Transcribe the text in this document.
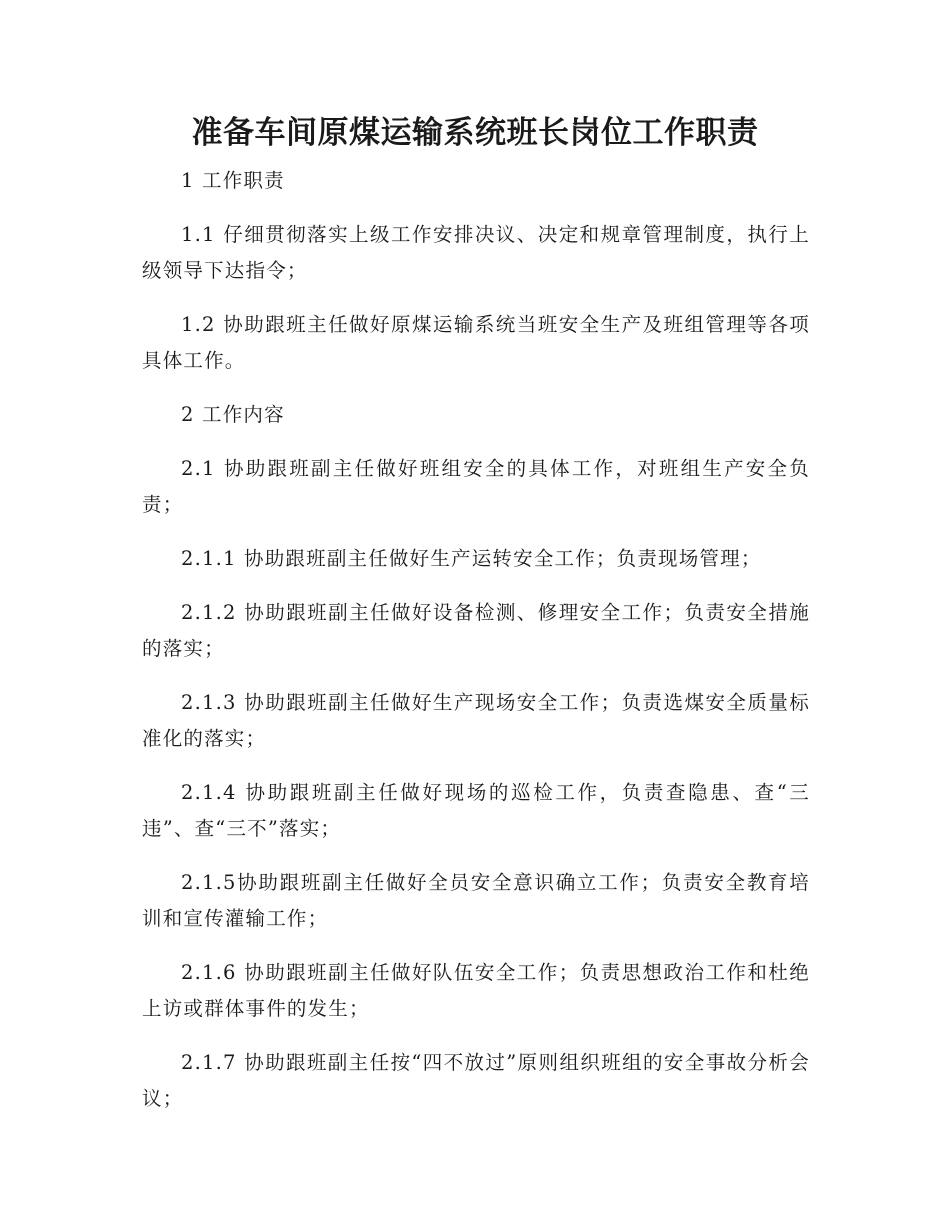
准备车间原煤运输系统班长岗位工作职责

1 工作职责

1.1 仔细贯彻落实上级工作安排决议、决定和规章管理制度，执行上级领导下达指令；

1.2 协助跟班主任做好原煤运输系统当班安全生产及班组管理等各项具体工作。

2 工作内容

2.1 协助跟班副主任做好班组安全的具体工作，对班组生产安全负责；

2.1.1 协助跟班副主任做好生产运转安全工作；负责现场管理；

2.1.2 协助跟班副主任做好设备检测、修理安全工作；负责安全措施的落实；

2.1.3 协助跟班副主任做好生产现场安全工作；负责选煤安全质量标准化的落实；

2.1.4 协助跟班副主任做好现场的巡检工作，负责查隐患、查“三违”、查“三不”落实；

2.1.5协助跟班副主任做好全员安全意识确立工作；负责安全教育培训和宣传灌输工作；

2.1.6 协助跟班副主任做好队伍安全工作；负责思想政治工作和杜绝上访或群体事件的发生；

2.1.7 协助跟班副主任按“四不放过”原则组织班组的安全事故分析会议；
